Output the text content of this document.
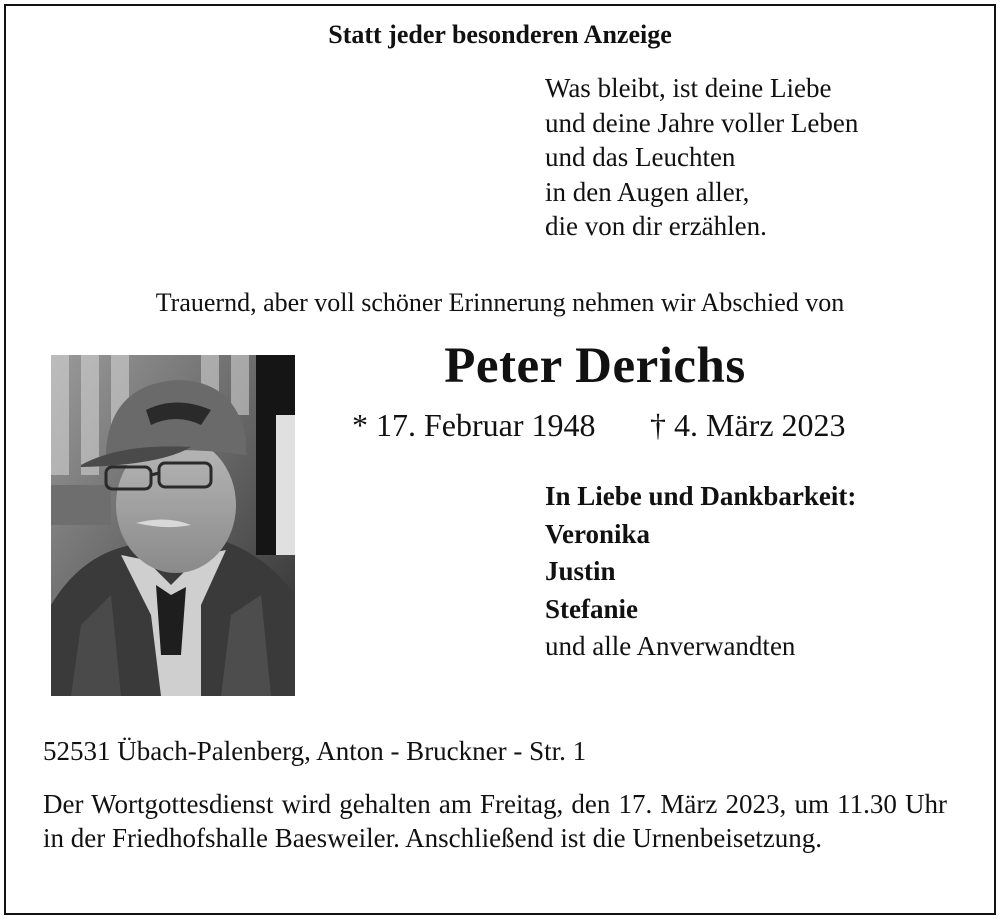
Statt jeder besonderen Anzeige
Was bleibt, ist deine Liebe
und deine Jahre voller Leben
und das Leuchten
in den Augen aller,
die von dir erzählen.
Trauernd, aber voll schöner Erinnerung nehmen wir Abschied von
Peter Derichs
* 17. Februar 1948 † 4. März 2023
In Liebe und Dankbarkeit:
Veronika
Justin
Stefanie
und alle Anverwandten
52531 Übach-Palenberg, Anton - Bruckner - Str. 1
Der Wortgottesdienst wird gehalten am Freitag, den 17. März 2023, um 11.30 Uhr in der Friedhofshalle Baesweiler. Anschließend ist die Urnenbeisetzung.
